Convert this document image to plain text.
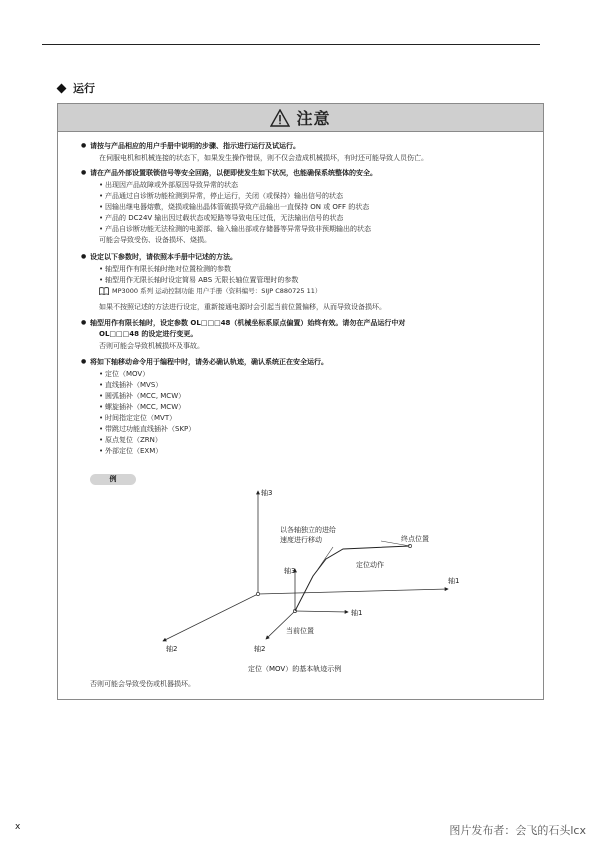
运行
注意
● 请按与产品相应的用户手册中说明的步骤、指示进行运行及试运行。
在伺服电机和机械连接的状态下，如果发生操作错误，则不仅会造成机械损坏，有时还可能导致人员伤亡。
● 请在产品外部设置联锁信号等安全回路，以便即使发生如下状况，也能确保系统整体的安全。
• 出现因产品故障或外部原因导致异常的状态
• 产品通过自诊断功能检测到异常，停止运行，关闭（或保持）输出信号的状态
• 因输出继电器熔敷，烧损或输出晶体管破损导致产品输出一直保持 ON 或 OFF 的状态
• 产品的 DC24V 输出因过载状态或短路等导致电压过低，无法输出信号的状态
• 产品自诊断功能无法检测的电源部、输入输出部或存储器等异常导致非预期输出的状态
可能会导致受伤、设备损坏、烧损。
● 设定以下参数时，请依照本手册中记述的方法。
• 轴型用作有限长轴时绝对位置检测的参数
• 轴型用作无限长轴时设定简易 ABS 无限长轴位置管理时的参数
MP3000 系列 运动控制功能 用户手册（资料编号：SIJP C880725 11）
如果不按照记述的方法进行设定，重新接通电源时会引起当前位置偏移，从而导致设备损坏。
● 轴型用作有限长轴时，设定参数 OL□□□48（机械坐标系原点偏置）始终有效。请勿在产品运行中对
OL□□□48 的设定进行变更。
否则可能会导致机械损坏及事故。
● 将如下轴移动命令用于编程中时，请务必确认轨迹，确认系统正在安全运行。
• 定位（MOV）
• 直线插补（MVS）
• 圆弧插补（MCC, MCW）
• 螺旋插补（MCC, MCW）
• 时间指定定位（MVT）
• 带跳过功能直线插补（SKP）
• 原点复位（ZRN）
• 外部定位（EXM）
例
轴3
轴1
轴2
轴3
轴1
轴2
以各轴独立的进给
速度进行移动	终点位置
定位动作
当前位置
定位（MOV）的基本轨迹示例
否则可能会导致受伤或机器损坏。
x	图片发布者：会飞的石头lcx
